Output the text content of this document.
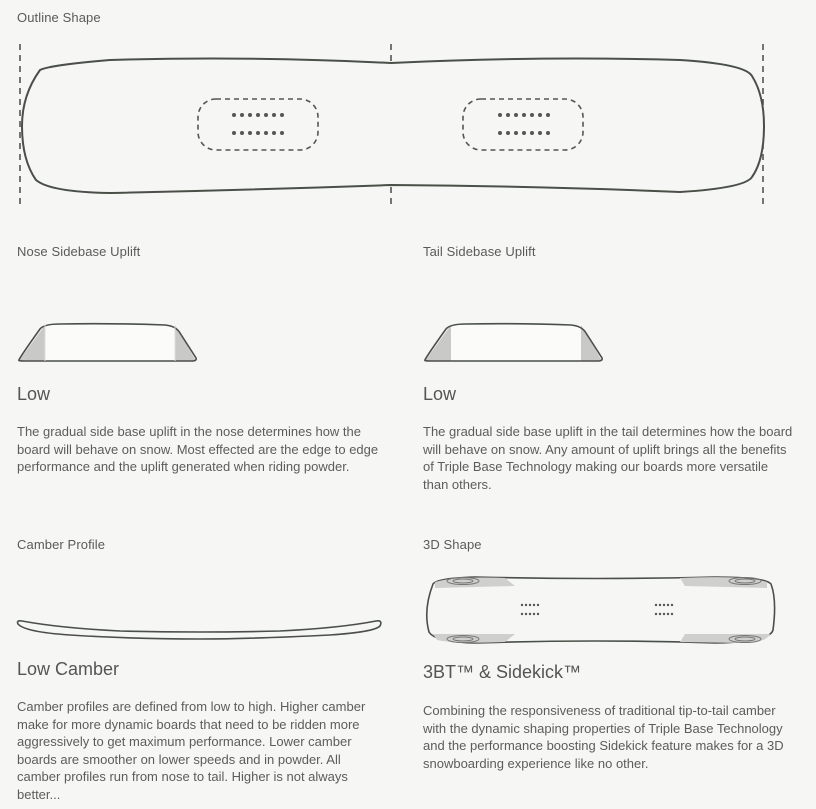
Outline Shape
Nose Sidebase Uplift
Low

The gradual side base uplift in the nose determines how the board will behave on snow. Most effected are the edge to edge performance and the uplift generated when riding powder.

Tail Sidebase Uplift
Low

The gradual side base uplift in the tail determines how the board will behave on snow. Any amount of uplift brings all the benefits of Triple Base Technology making our boards more versatile than others.

Camber Profile
Low Camber

Camber profiles are defined from low to high. Higher camber make for more dynamic boards that need to be ridden more aggressively to get maximum performance. Lower camber boards are smoother on lower speeds and in powder. All camber profiles run from nose to tail. Higher is not always better...

3D Shape
3BT™ & Sidekick™

Combining the responsiveness of traditional tip-to-tail camber with the dynamic shaping properties of Triple Base Technology and the performance boosting Sidekick feature makes for a 3D snowboarding experience like no other.
